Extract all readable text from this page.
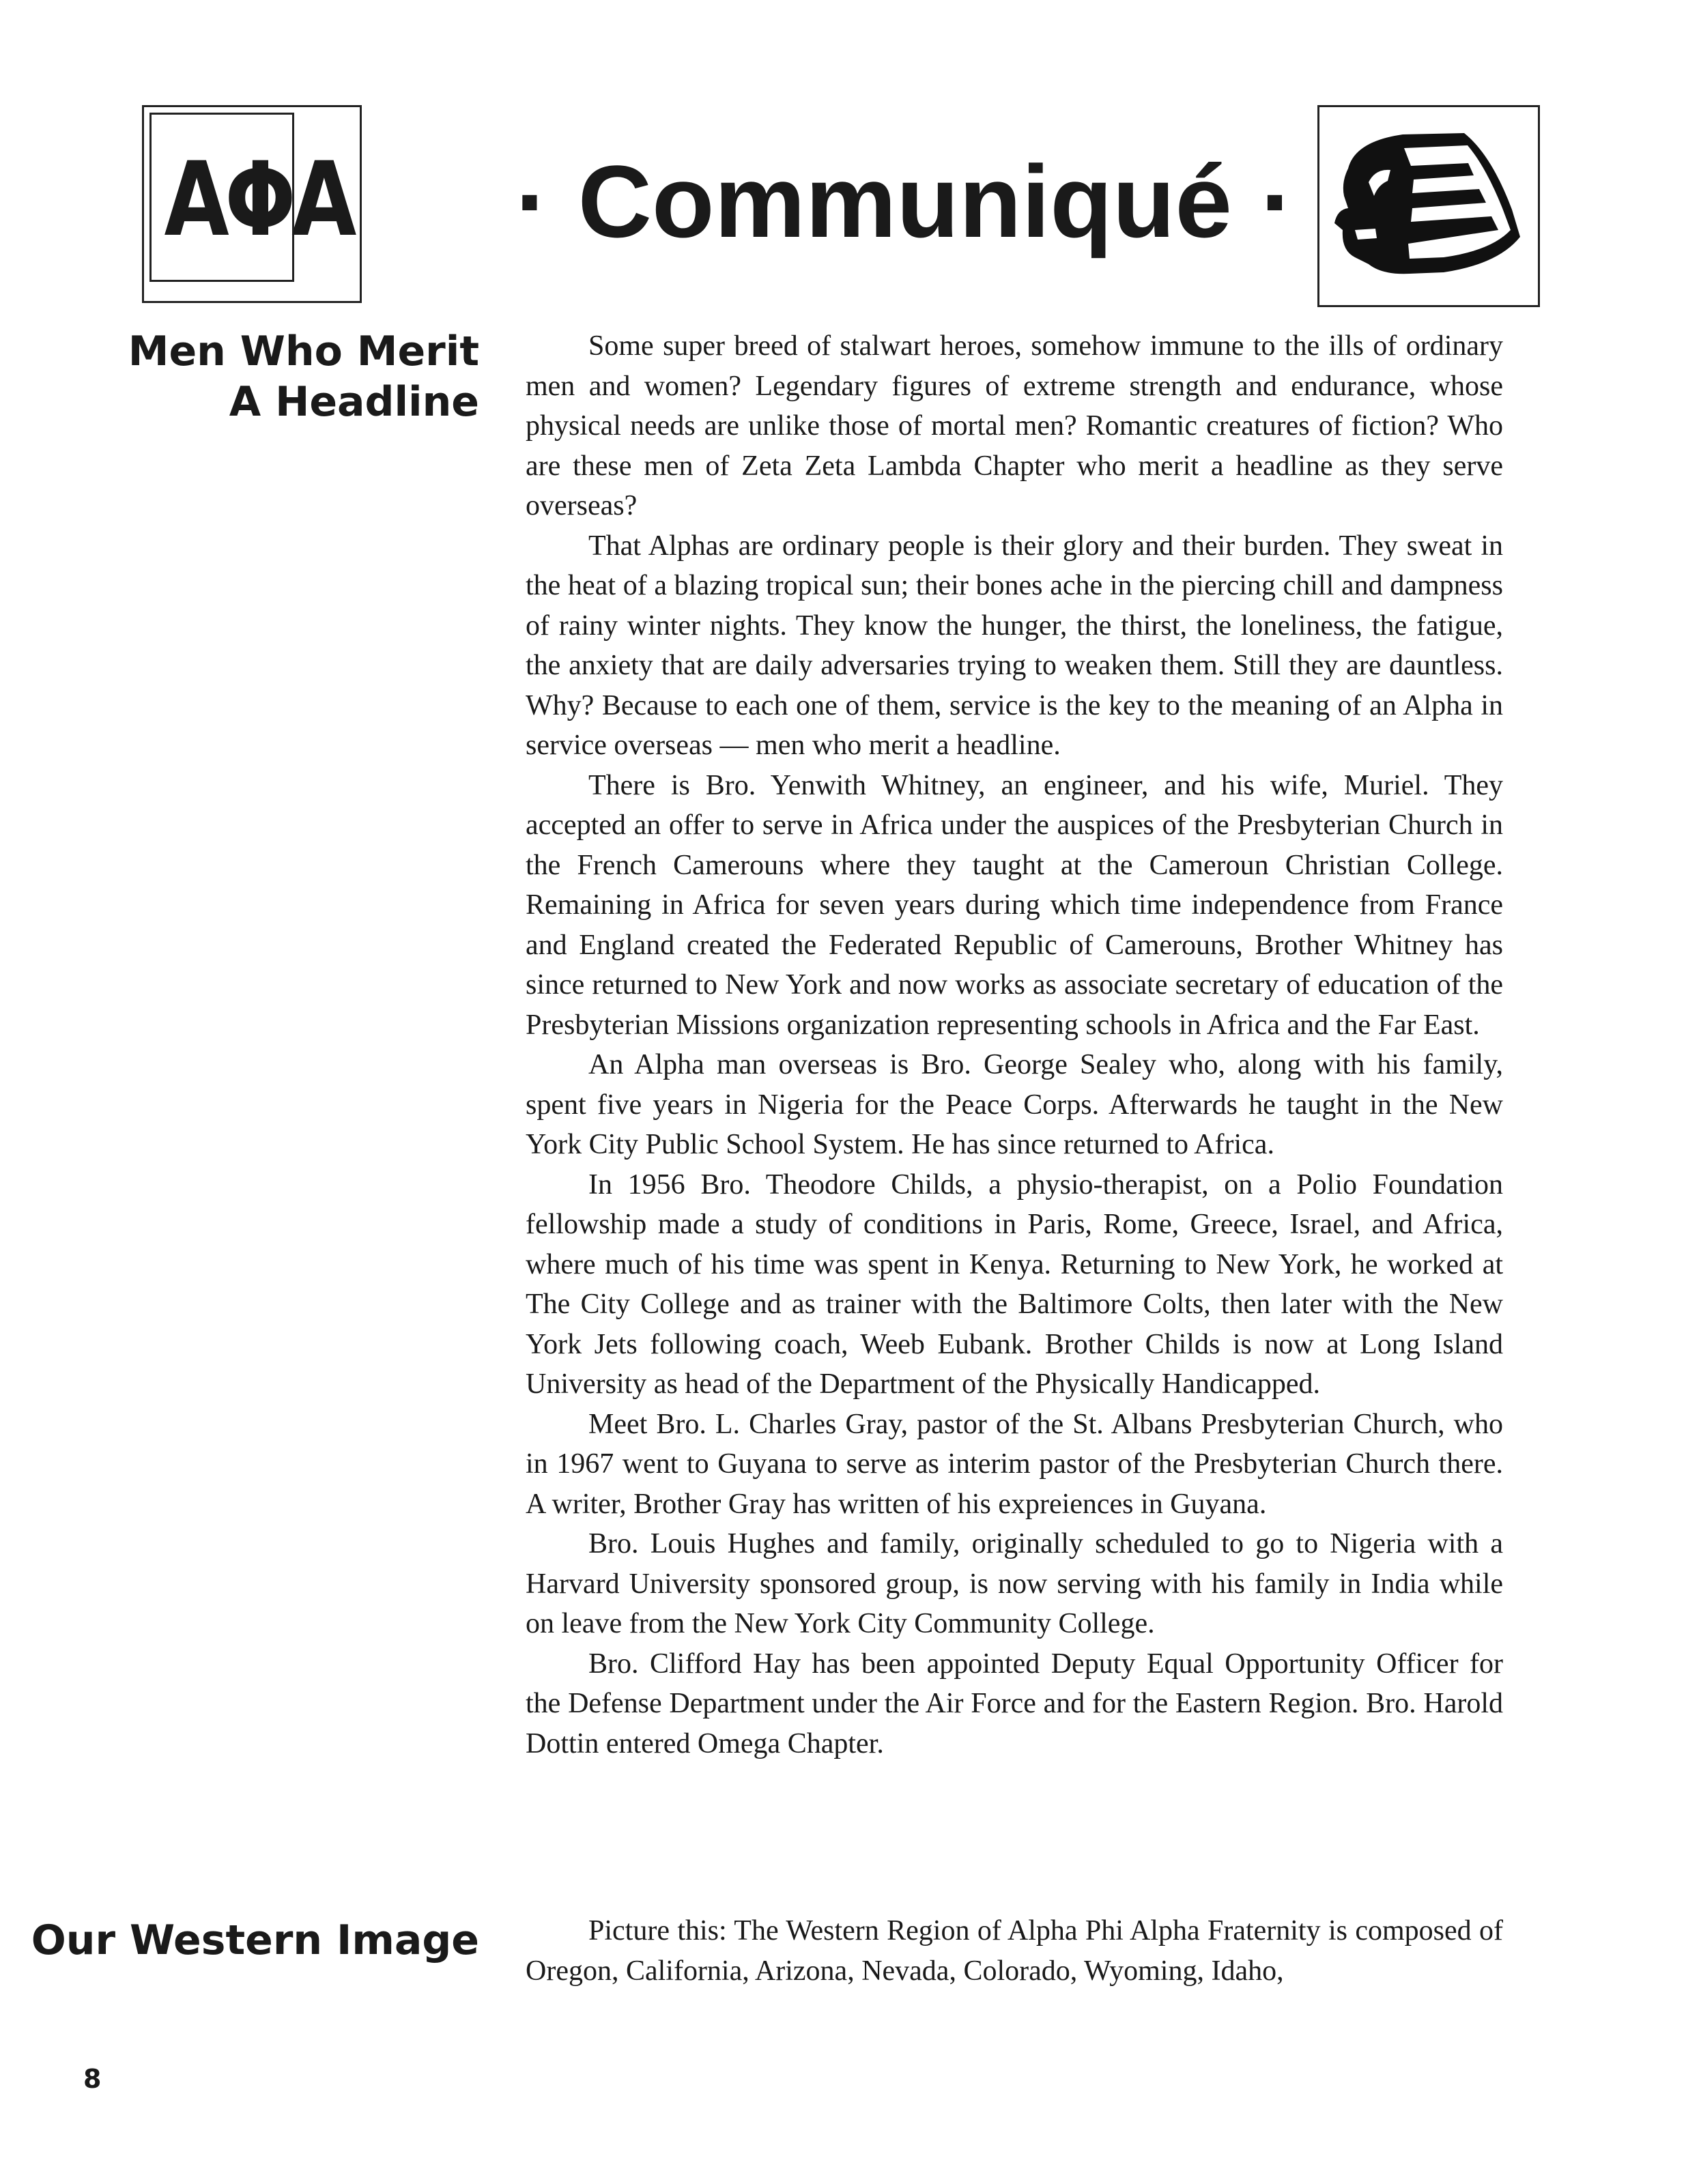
ΑΦΑ · Communiqué ·
Men Who Merit
A Headline

Some super breed of stalwart heroes, somehow immune to the ills of ordinary men and women? Legendary figures of extreme strength and endurance, whose physical needs are unlike those of mortal men? Romantic creatures of fiction? Who are these men of Zeta Zeta Lambda Chapter who merit a headline as they serve overseas?

That Alphas are ordinary people is their glory and their burden. They sweat in the heat of a blazing tropical sun; their bones ache in the piercing chill and dampness of rainy winter nights. They know the hunger, the thirst, the loneliness, the fatigue, the anxiety that are daily adversaries trying to weaken them. Still they are dauntless. Why? Because to each one of them, service is the key to the meaning of an Alpha in service overseas — men who merit a headline.

There is Bro. Yenwith Whitney, an engineer, and his wife, Muriel. They accepted an offer to serve in Africa under the auspices of the Presbyterian Church in the French Camerouns where they taught at the Cameroun Christian College. Remaining in Africa for seven years during which time independence from France and England created the Federated Republic of Camerouns, Brother Whitney has since returned to New York and now works as associate secretary of education of the Presbyterian Missions organization representing schools in Africa and the Far East.

An Alpha man overseas is Bro. George Sealey who, along with his family, spent five years in Nigeria for the Peace Corps. Afterwards he taught in the New York City Public School System. He has since returned to Africa.

In 1956 Bro. Theodore Childs, a physio-therapist, on a Polio Foundation fellowship made a study of conditions in Paris, Rome, Greece, Israel, and Africa, where much of his time was spent in Kenya. Returning to New York, he worked at The City College and as trainer with the Baltimore Colts, then later with the New York Jets following coach, Weeb Eubank. Brother Childs is now at Long Island University as head of the Department of the Physically Handicapped.

Meet Bro. L. Charles Gray, pastor of the St. Albans Presbyterian Church, who in 1967 went to Guyana to serve as interim pastor of the Presbyterian Church there. A writer, Brother Gray has written of his expreiences in Guyana.

Bro. Louis Hughes and family, originally scheduled to go to Nigeria with a Harvard University sponsored group, is now serving with his family in India while on leave from the New York City Community College.

Bro. Clifford Hay has been appointed Deputy Equal Opportunity Officer for the Defense Department under the Air Force and for the Eastern Region. Bro. Harold Dottin entered Omega Chapter.

Our Western Image	Picture this: The Western Region of Alpha Phi Alpha Fraternity is composed of Oregon, California, Arizona, Nevada, Colorado, Wyoming, Idaho,

8
